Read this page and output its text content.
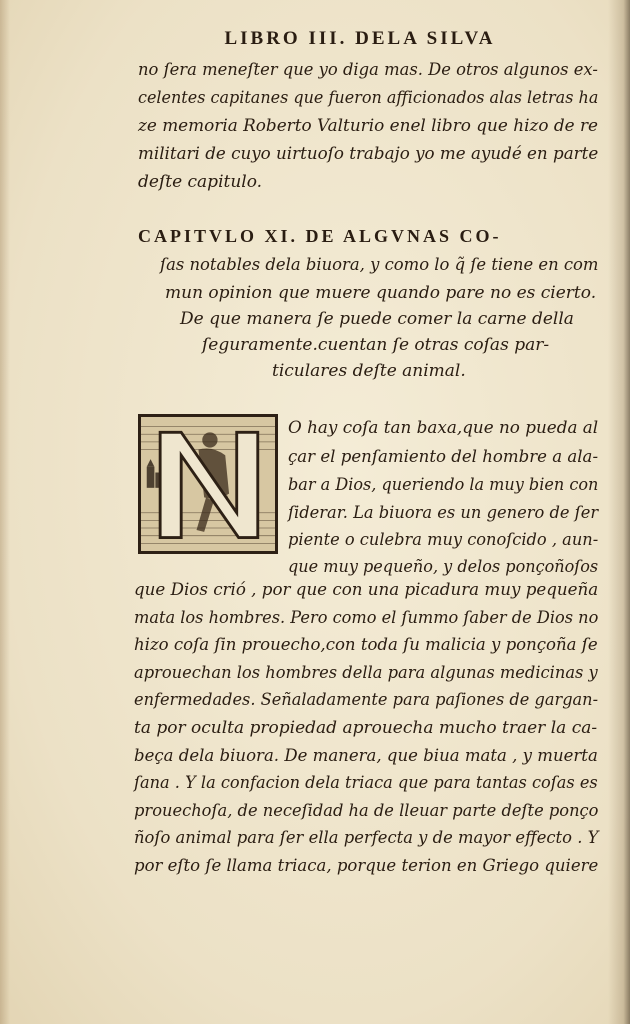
LIBRO III. DELA SILVA
no ſera meneſter que yo diga mas. De otros algunos ex-
celentes capitanes que fueron afficionados alas letras ha
ze memoria Roberto Valturio enel libro que hizo de re
militari de cuyo uirtuoſo trabajo yo me ayudé en parte
deſte capitulo.
CAPITVLO XI. DE ALGVNAS CO-
ſas notables dela biuora, y como lo q̃ ſe tiene en com
mun opinion que muere quando pare no es cierto.
De que manera ſe puede comer la carne della
ſeguramente.cuentan ſe otras coſas par-
ticulares deſte animal.
N
O hay coſa tan baxa,que no pueda al
çar el penſamiento del hombre a ala-
bar a Dios, queriendo la muy bien con
ſiderar. La biuora es un genero de ſer
piente o culebra muy conoſcido , aun-
que muy pequeño, y delos ponçoñoſos
que Dios crió , por que con una picadura muy pequeña
mata los hombres. Pero como el ſummo ſaber de Dios no
hizo coſa ſin prouecho,con toda ſu malicia y ponçoña ſe
aprouechan los hombres della para algunas medicinas y
enfermedades. Señaladamente para paſiones de gargan-
ta por oculta propiedad aprouecha mucho traer la ca-
beça dela biuora. De manera, que biua mata , y muerta
ſana . Y la confacion dela triaca que para tantas coſas es
prouechoſa, de neceſidad ha de lleuar parte deſte ponço
ñoſo animal para ſer ella perfecta y de mayor effecto . Y
por eſto ſe llama triaca, porque terion en Griego quiere
